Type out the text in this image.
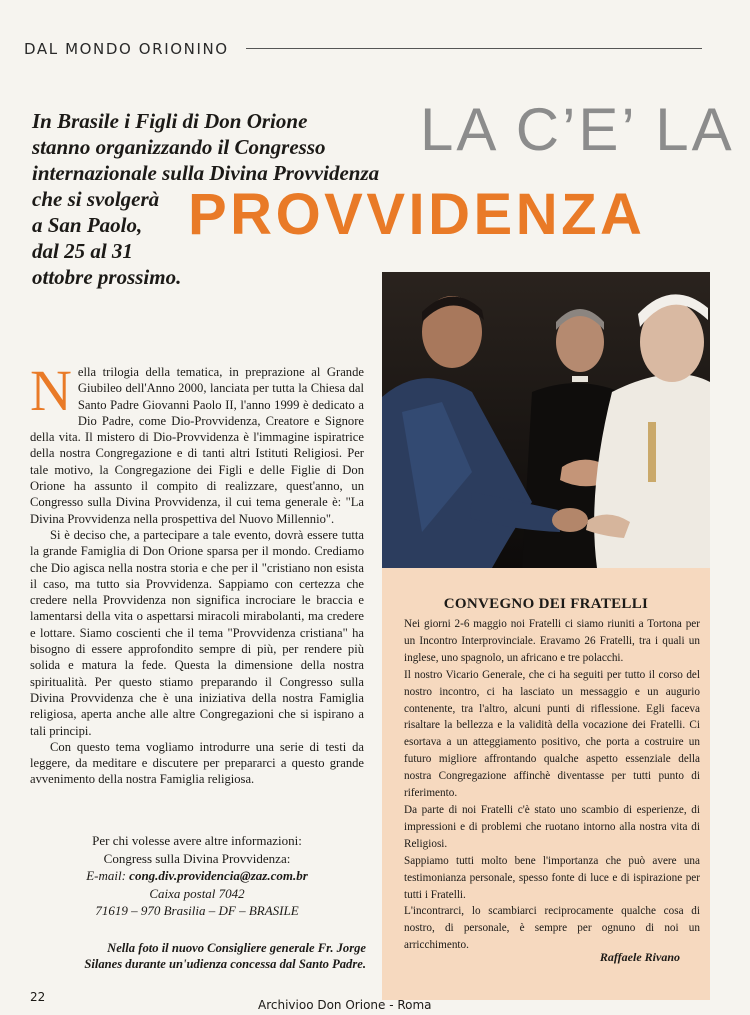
DAL MONDO ORIONINO
In Brasile i Figli di Don Orione
stanno organizzando il Congresso
internazionale sulla Divina Provvidenza
che si svolgerà
a San Paolo,
dal 25 al 31
ottobre prossimo.
LA C’E’ LA
PROVVIDENZA
CONVEGNO DEI FRATELLI

Nei giorni 2-6 maggio noi Fratelli ci siamo riuniti a Tortona per un Incontro Interprovinciale. Eravamo 26 Fratelli, tra i quali un inglese, uno spagnolo, un africano e tre polacchi.

Il nostro Vicario Generale, che ci ha seguiti per tutto il corso del nostro incontro, ci ha lasciato un messaggio e un augurio contenente, tra l'altro, alcuni punti di riflessione. Egli faceva risaltare la bellezza e la validità della vocazione dei Fratelli. Ci esortava a un atteggiamento positivo, che porta a costruire un futuro migliore affrontando qualche aspetto essenziale della nostra Congregazione affinchè diventasse per tutti punto di riferimento.

Da parte di noi Fratelli c'è stato uno scambio di esperienze, di impressioni e di problemi che ruotano intorno alla nostra vita di Religiosi.

Sappiamo tutti molto bene l'importanza che può avere una testimonianza personale, spesso fonte di luce e di ispirazione per tutti i Fratelli.

L'incontrarci, lo scambiarci reciprocamente qualche cosa di nostro, di personale, è sempre per ognuno di noi un arricchimento.

Raffaele Rivano

Nella trilogia della tematica, in preprazione al Grande Giubileo dell'Anno 2000, lanciata per tutta la Chiesa dal Santo Padre Giovanni Paolo II, l'anno 1999 è dedicato a Dio Padre, come Dio-Provvidenza, Creatore e Signore della vita. Il mistero di Dio-Provvidenza è l'immagine ispiratrice della nostra Congregazione e di tanti altri Istituti Religiosi. Per tale motivo, la Congregazione dei Figli e delle Figlie di Don Orione ha assunto il compito di realizzare, quest'anno, un Congresso sulla Divina Provvidenza, il cui tema generale è: "La Divina Provvidenza nella prospettiva del Nuovo Millennio".

Si è deciso che, a partecipare a tale evento, dovrà essere tutta la grande Famiglia di Don Orione sparsa per il mondo. Crediamo che Dio agisca nella nostra storia e che per il "cristiano non esista il caso, ma tutto sia Provvidenza. Sappiamo con certezza che credere nella Provvidenza non significa incrociare le braccia e lamentarsi della vita o aspettarsi miracoli mirabolanti, ma credere e lottare. Siamo coscienti che il tema "Provvidenza cristiana" ha bisogno di essere approfondito sempre di più, per rendere più solida e matura la fede. Questa la dimensione della nostra spiritualità. Per questo stiamo preparando il Congresso sulla Divina Provvidenza che è una iniziativa della nostra Famiglia religiosa, aperta anche alle altre Congregazioni che si ispirano a tali principi.

Con questo tema vogliamo introdurre una serie di testi da leggere, da meditare e discutere per prepararci a questo grande avvenimento della nostra Famiglia religiosa.

Per chi volesse avere altre informazioni:
Congress sulla Divina Provvidenza:
E-mail: cong.div.providencia@zaz.com.br
Caixa postal 7042
71619 – 970 Brasilia – DF – BRASILE
Nella foto il nuovo Consigliere generale Fr. Jorge
Silanes durante un'udienza concessa dal Santo Padre.
22
Archivioo Don Orione - Roma
